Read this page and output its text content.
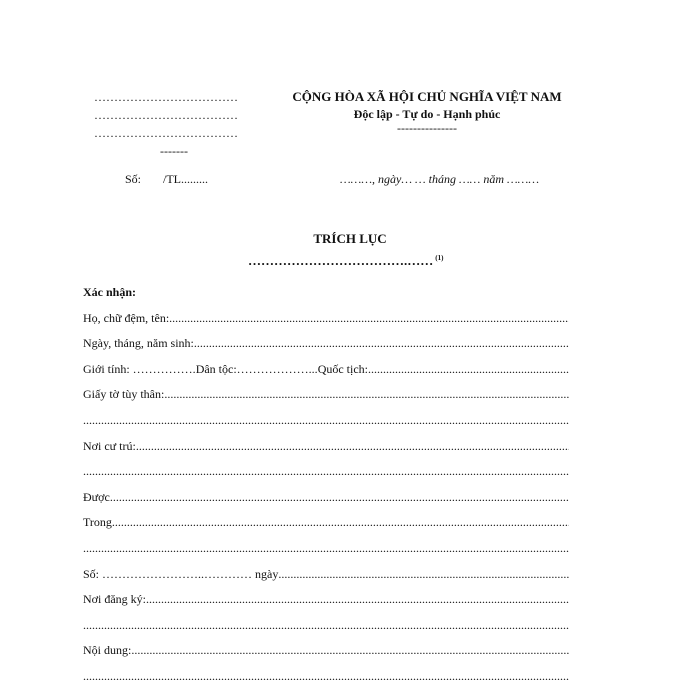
………………………………
………………………………
………………………………
-------
CỘNG HÒA XÃ HỘI CHỦ NGHĨA VIỆT NAM
Độc lập - Tự do - Hạnh phúc
---------------
Số: /TL.........	………, ngày… … tháng …… năm ………
TRÍCH LỤC
……………………………….…… $^{(1)}$
Xác nhận:
Họ, chữ đệm, tên:
.....
Ngày, tháng, năm sinh:
.....
Giới tính: ……………. Dân tộc:………………... Quốc tịch:
.....
Giấy tờ tùy thân:
.....
.....
Nơi cư trú:
.....
.....
Được
.....
Trong
.....
.....
Số: ……………………..………… ngày
.....
Nơi đăng ký:
.....
.....
Nội dung:
.....
.....
